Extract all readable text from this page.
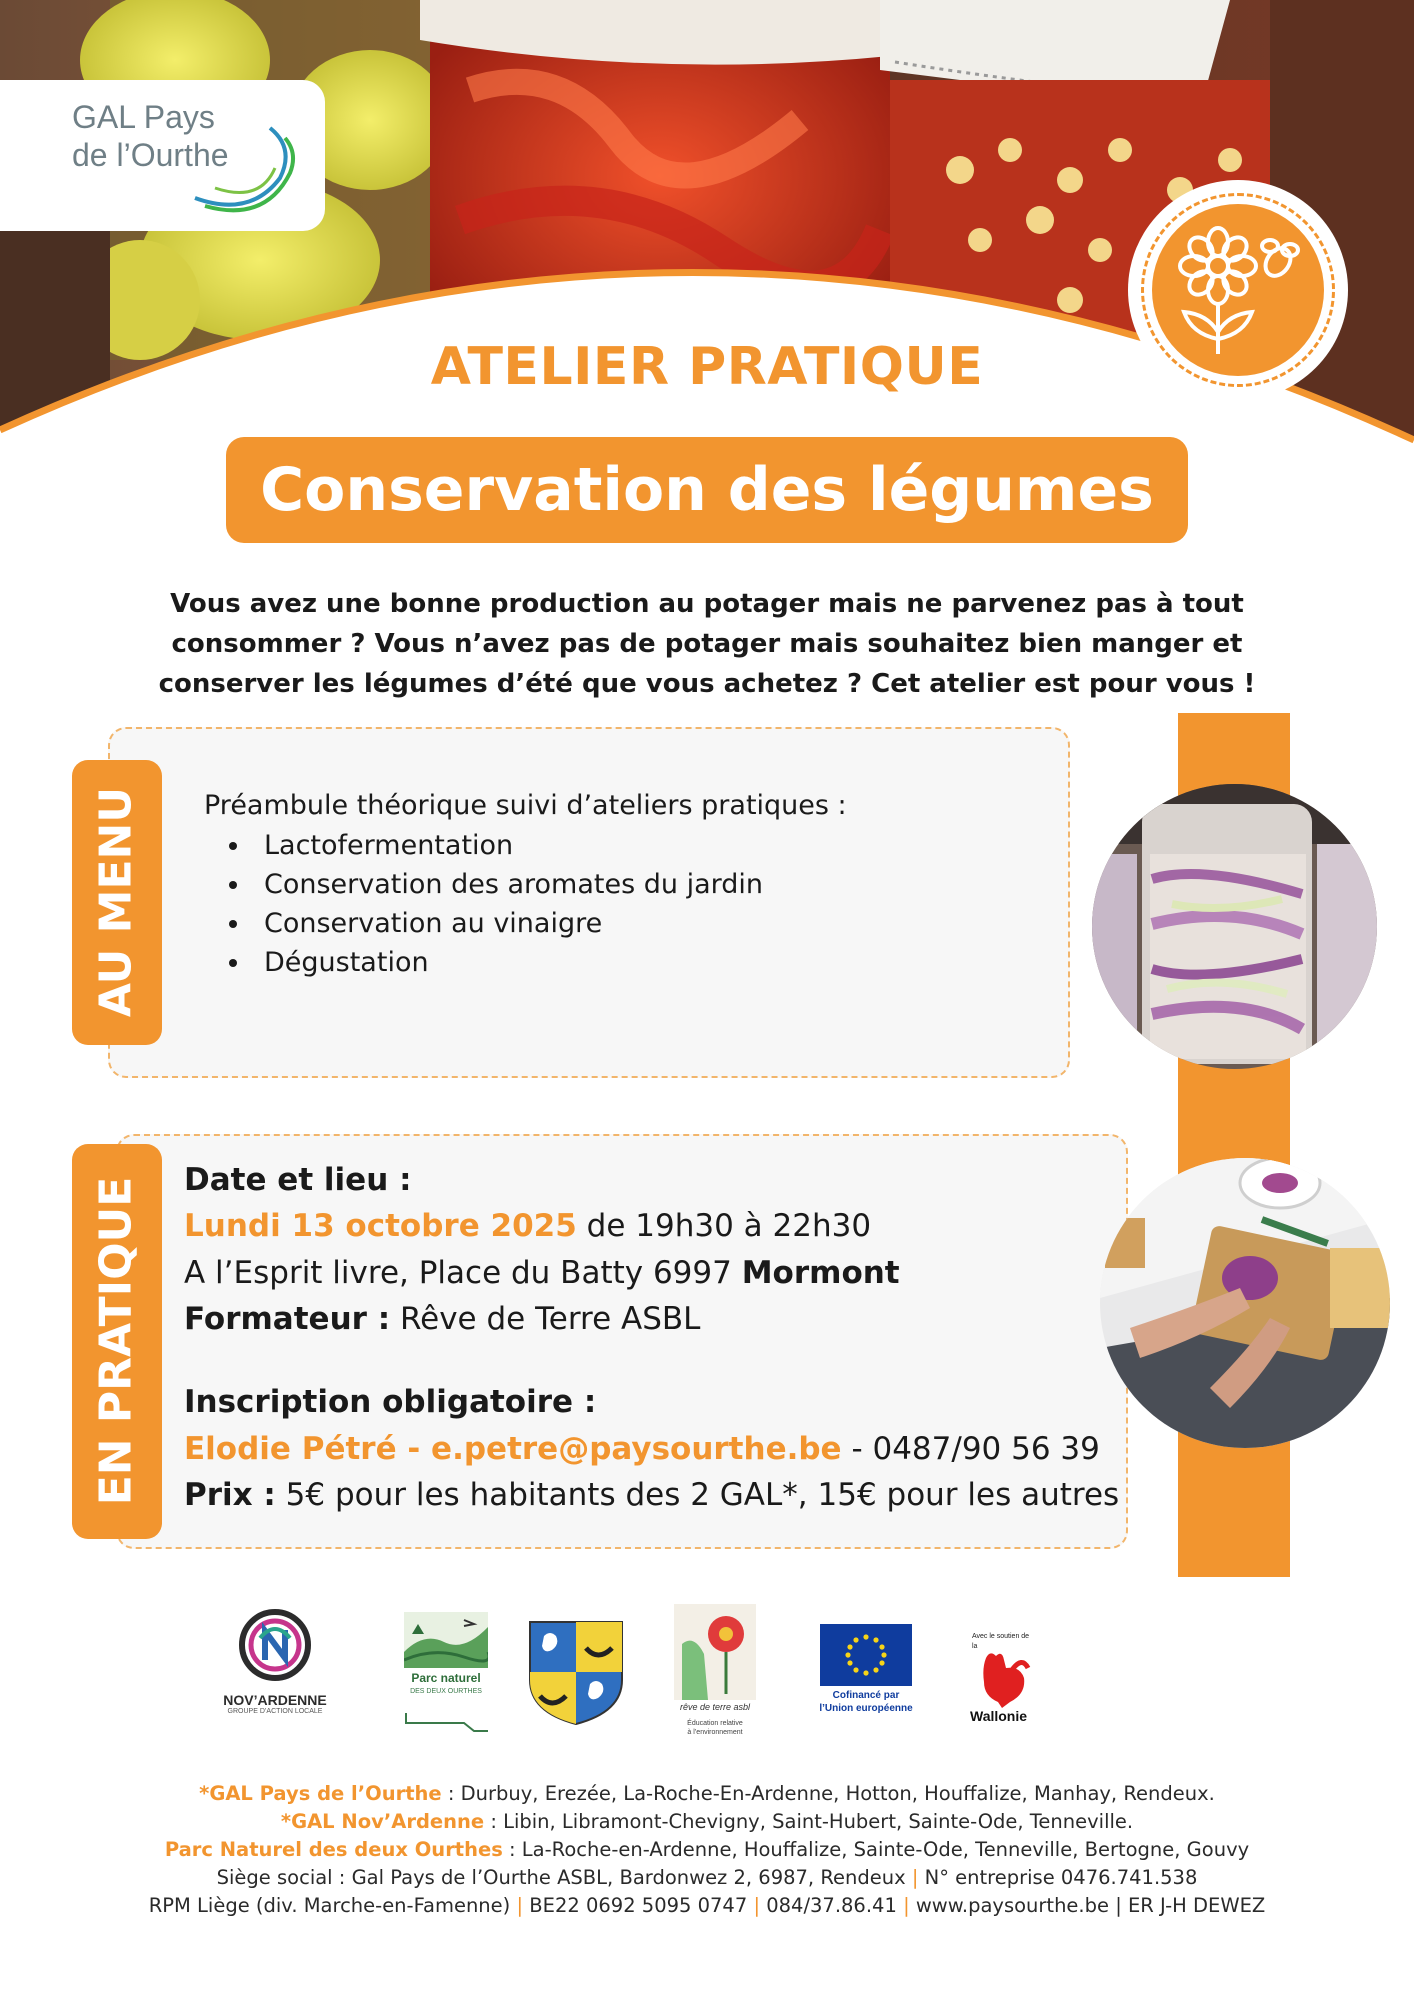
GAL Pays
de l’Ourthe
ATELIER PRATIQUE
Conservation des légumes
Vous avez une bonne production au potager mais ne parvenez pas à tout
consommer ? Vous n’avez pas de potager mais souhaitez bien manger et
conserver les légumes d’été que vous achetez ? Cet atelier est pour vous !
AU MENU Préambule théorique suivi d’ateliers pratiques :
• Lactofermentation
• Conservation des aromates du jardin
• Conservation au vinaigre
• Dégustation
EN PRATIQUE Date et lieu :
Lundi 13 octobre 2025 de 19h30 à 22h30
A l’Esprit livre, Place du Batty 6997 Mormont
Formateur : Rêve de Terre ASBL
Inscription obligatoire :
Elodie Pétré - e.petre@paysourthe.be - 0487/90 56 39
Prix : 5€ pour les habitants des 2 GAL*, 15€ pour les autres
NOV’ARDENNE
GROUPE D’ACTION LOCALE
Parc naturel
DES DEUX OURTHES
rêve de terre asbl
Éducation relative
à l’environnement
Cofinancé par
l’Union européenne
Avec le soutien de
la
Wallonie
*GAL Pays de l’Ourthe : Durbuy, Erezée, La-Roche-En-Ardenne, Hotton, Houffalize, Manhay, Rendeux.
*GAL Nov’Ardenne : Libin, Libramont-Chevigny, Saint-Hubert, Sainte-Ode, Tenneville.
Parc Naturel des deux Ourthes : La-Roche-en-Ardenne, Houffalize, Sainte-Ode, Tenneville, Bertogne, Gouvy
Siège social : Gal Pays de l’Ourthe ASBL, Bardonwez 2, 6987, Rendeux | N° entreprise 0476.741.538
RPM Liège (div. Marche-en-Famenne) | BE22 0692 5095 0747 | 084/37.86.41 | www.paysourthe.be | ER J-H DEWEZ
